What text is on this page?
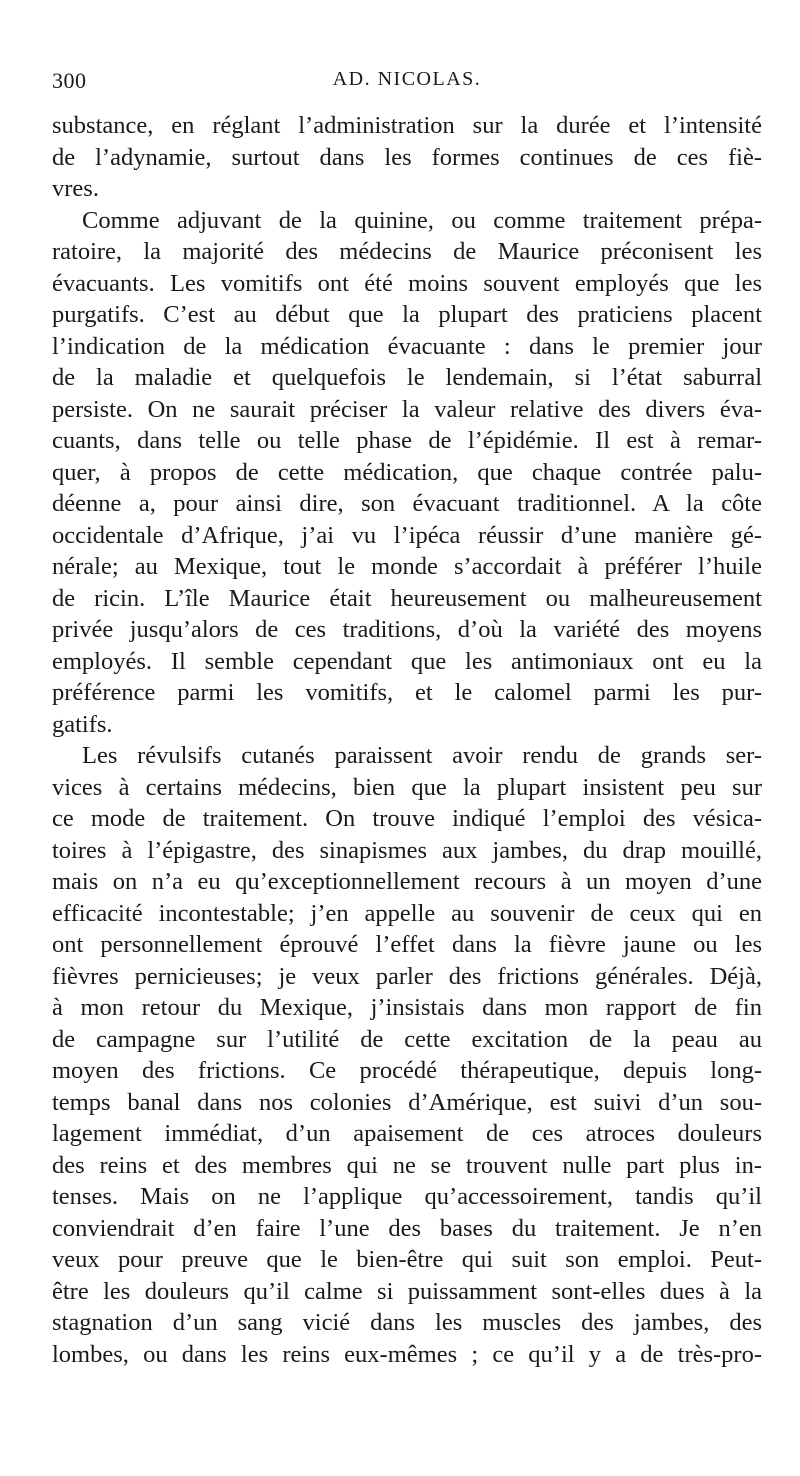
300	AD. NICOLAS.
substance, en réglant l’administration sur la durée et l’intensité
de l’adynamie, surtout dans les formes continues de ces fiè-
vres.
Comme adjuvant de la quinine, ou comme traitement prépa-
ratoire, la majorité des médecins de Maurice préconisent les
évacuants. Les vomitifs ont été moins souvent employés que les
purgatifs. C’est au début que la plupart des praticiens placent
l’indication de la médication évacuante : dans le premier jour
de la maladie et quelquefois le lendemain, si l’état saburral
persiste. On ne saurait préciser la valeur relative des divers éva-
cuants, dans telle ou telle phase de l’épidémie. Il est à remar-
quer, à propos de cette médication, que chaque contrée palu-
déenne a, pour ainsi dire, son évacuant traditionnel. A la côte
occidentale d’Afrique, j’ai vu l’ipéca réussir d’une manière gé-
nérale; au Mexique, tout le monde s’accordait à préférer l’huile
de ricin. L’île Maurice était heureusement ou malheureusement
privée jusqu’alors de ces traditions, d’où la variété des moyens
employés. Il semble cependant que les antimoniaux ont eu la
préférence parmi les vomitifs, et le calomel parmi les pur-
gatifs.
Les révulsifs cutanés paraissent avoir rendu de grands ser-
vices à certains médecins, bien que la plupart insistent peu sur
ce mode de traitement. On trouve indiqué l’emploi des vésica-
toires à l’épigastre, des sinapismes aux jambes, du drap mouillé,
mais on n’a eu qu’exceptionnellement recours à un moyen d’une
efficacité incontestable; j’en appelle au souvenir de ceux qui en
ont personnellement éprouvé l’effet dans la fièvre jaune ou les
fièvres pernicieuses; je veux parler des frictions générales. Déjà,
à mon retour du Mexique, j’insistais dans mon rapport de fin
de campagne sur l’utilité de cette excitation de la peau au
moyen des frictions. Ce procédé thérapeutique, depuis long-
temps banal dans nos colonies d’Amérique, est suivi d’un sou-
lagement immédiat, d’un apaisement de ces atroces douleurs
des reins et des membres qui ne se trouvent nulle part plus in-
tenses. Mais on ne l’applique qu’accessoirement, tandis qu’il
conviendrait d’en faire l’une des bases du traitement. Je n’en
veux pour preuve que le bien-être qui suit son emploi. Peut-
être les douleurs qu’il calme si puissamment sont-elles dues à la
stagnation d’un sang vicié dans les muscles des jambes, des
lombes, ou dans les reins eux-mêmes ; ce qu’il y a de très-pro-
